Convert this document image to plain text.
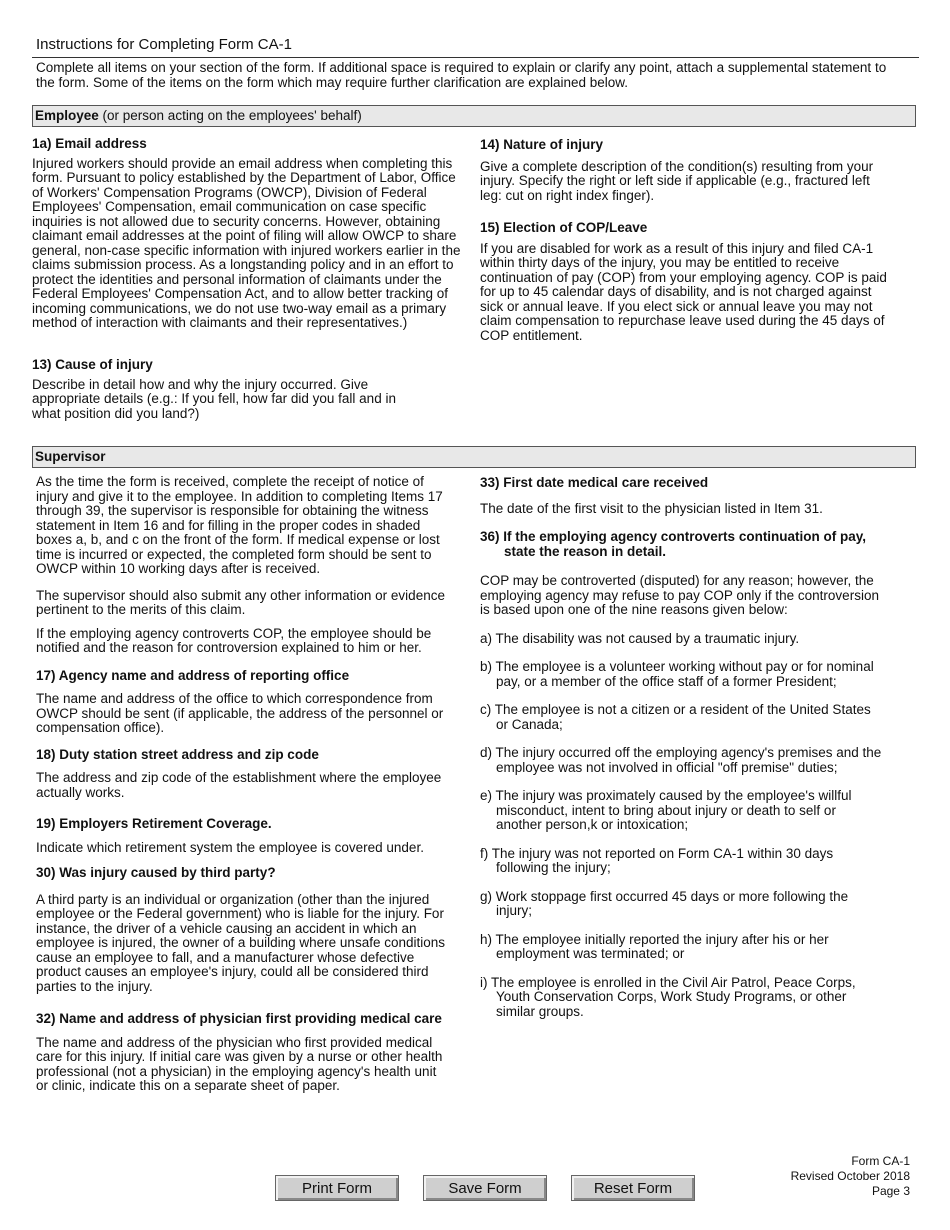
Instructions for Completing Form CA-1
Complete all items on your section of the form. If additional space is required to explain or clarify any point, attach a supplemental statement to the form. Some of the items on the form which may require further clarification are explained below.
Employee (or person acting on the employees' behalf)

1a) Email address

Injured workers should provide an email address when completing this form. Pursuant to policy established by the Department of Labor, Office of Workers' Compensation Programs (OWCP), Division of Federal Employees' Compensation, email communication on case specific inquiries is not allowed due to security concerns. However, obtaining claimant email addresses at the point of filing will allow OWCP to share general, non-case specific information with injured workers earlier in the claims submission process. As a longstanding policy and in an effort to protect the identities and personal information of claimants under the Federal Employees' Compensation Act, and to allow better tracking of incoming communications, we do not use two-way email as a primary method of interaction with claimants and their representatives.)

13) Cause of injury

Describe in detail how and why the injury occurred. Give appropriate details (e.g.: If you fell, how far did you fall and in what position did you land?)

14) Nature of injury

Give a complete description of the condition(s) resulting from your injury. Specify the right or left side if applicable (e.g., fractured left leg: cut on right index finger).

15) Election of COP/Leave

If you are disabled for work as a result of this injury and filed CA-1 within thirty days of the injury, you may be entitled to receive continuation of pay (COP) from your employing agency. COP is paid for up to 45 calendar days of disability, and is not charged against sick or annual leave. If you elect sick or annual leave you may not claim compensation to repurchase leave used during the 45 days of COP entitlement.

Supervisor

As the time the form is received, complete the receipt of notice of injury and give it to the employee. In addition to completing Items 17 through 39, the supervisor is responsible for obtaining the witness statement in Item 16 and for filling in the proper codes in shaded boxes a, b, and c on the front of the form. If medical expense or lost time is incurred or expected, the completed form should be sent to OWCP within 10 working days after is received.

The supervisor should also submit any other information or evidence pertinent to the merits of this claim.

If the employing agency controverts COP, the employee should be notified and the reason for controversion explained to him or her.

17) Agency name and address of reporting office

The name and address of the office to which correspondence from OWCP should be sent (if applicable, the address of the personnel or compensation office).

18) Duty station street address and zip code

The address and zip code of the establishment where the employee actually works.

19) Employers Retirement Coverage.

Indicate which retirement system the employee is covered under.

30) Was injury caused by third party?

A third party is an individual or organization (other than the injured employee or the Federal government) who is liable for the injury. For instance, the driver of a vehicle causing an accident in which an employee is injured, the owner of a building where unsafe conditions cause an employee to fall, and a manufacturer whose defective product causes an employee's injury, could all be considered third parties to the injury.

32) Name and address of physician first providing medical care

The name and address of the physician who first provided medical care for this injury. If initial care was given by a nurse or other health professional (not a physician) in the employing agency's health unit or clinic, indicate this on a separate sheet of paper.

33) First date medical care received

The date of the first visit to the physician listed in Item 31.

36) If the employing agency controverts continuation of pay, state the reason in detail.

COP may be controverted (disputed) for any reason; however, the employing agency may refuse to pay COP only if the controversion is based upon one of the nine reasons given below:

a) The disability was not caused by a traumatic injury.

b) The employee is a volunteer working without pay or for nominal pay, or a member of the office staff of a former President;

c) The employee is not a citizen or a resident of the United States or Canada;

d) The injury occurred off the employing agency's premises and the employee was not involved in official "off premise" duties;

e) The injury was proximately caused by the employee's willful misconduct, intent to bring about injury or death to self or another person,k or intoxication;

f) The injury was not reported on Form CA-1 within 30 days following the injury;

g) Work stoppage first occurred 45 days or more following the injury;

h) The employee initially reported the injury after his or her employment was terminated; or

i) The employee is enrolled in the Civil Air Patrol, Peace Corps, Youth Conservation Corps, Work Study Programs, or other similar groups.

Form CA-1
Revised October 2018
Page 3
Print Form	Save Form	Reset Form
